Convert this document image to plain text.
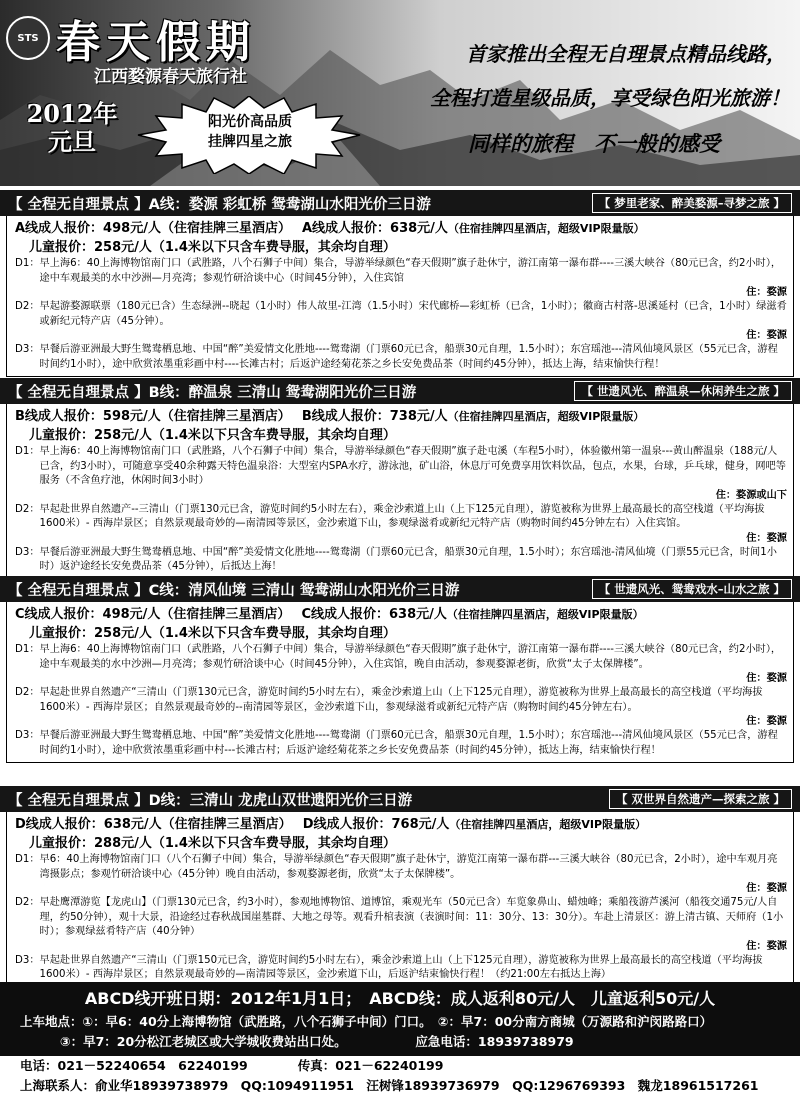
STS 春天假期
江西婺源春天旅行社
2012年
元旦
阳光价高品质
挂牌四星之旅
首家推出全程无自理景点精品线路，
全程打造星级品质，享受绿色阳光旅游！
同样的旅程　不一般的感受
【 全程无自理景点 】A线：婺源 彩虹桥 鸳鸯湖山水阳光价三日游	【 梦里老家、醉美婺源–寻梦之旅 】
A线成人报价：498元/人（住宿挂牌三星酒店）　 A线成人报价：638元/人（住宿挂牌四星酒店，超级VIP限量版）
儿童报价：258元/人（1.4米以下只含车费导服，其余均自理）
D1： 早上海6：40上海博物馆南门口（武胜路，八个石狮子中间）集合，导游举绿颜色“春天假期”旗子赴休宁，游江南第一瀑布群----三溪大峡谷（80元已含，约2小时），途中车观最美的水中沙洲—月亮湾；参观竹研洽谈中心（时间45分钟），入住宾馆
住：婺源
D2： 早起游婺源联票（180元已含）生态绿洲--晓起（1小时）伟人故里-江湾（1.5小时）宋代廊桥—彩虹桥（已含，1小时）；徽商古村落-思溪延村（已含，1小时）绿滋肴或新纪元特产店（45分钟）。
住：婺源
D3： 早餐后游亚洲最大野生鸳鸯栖息地、中国“醉”美爱情文化胜地----鸳鸯湖（门票60元已含，船票30元自理，1.5小时）；东宫瑶池---清风仙境风景区（55元已含，游程时间约1小时），途中欣赏浓墨重彩画中村----长滩古村；后返沪途经菊花茶之乡长安免费品茶（时间约45分钟），抵达上海，结束愉快行程！
【 全程无自理景点 】B线：醉温泉 三清山 鸳鸯湖阳光价三日游	【 世遗风光、醉温泉—休闲养生之旅 】
B线成人报价：598元/人（住宿挂牌三星酒店）　 B线成人报价：738元/人（住宿挂牌四星酒店，超级VIP限量版）
儿童报价：258元/人（1.4米以下只含车费导服，其余均自理）
D1： 早上海6：40上海博物馆南门口（武胜路，八个石狮子中间）集合，导游举绿颜色“春天假期”旗子赴屯溪（车程5小时），体验徽州第一温泉---黄山醉温泉（188元/人已含，约3小时），可随意享受40余种露天特色温泉浴：大型室内SPA水疗，游泳池，矿山浴，休息厅可免费享用饮料饮品，包点，水果，台球，乒乓球，健身，网吧等服务（不含鱼疗池，休闲时间3小时）
住：婺源或山下
D2： 早起赴世界自然遗产--三清山（门票130元已含，游览时间约5小时左右），乘金沙索道上山（上下125元自理），游览被称为世界上最高最长的高空栈道（平均海拔1600米）- 西海岸景区；自然景观最奇妙的—南清园等景区，金沙索道下山，参观绿滋肴或新纪元特产店（购物时间约45分钟左右）入住宾馆。
住：婺源
D3： 早餐后游亚洲最大野生鸳鸯栖息地、中国“醉”美爱情文化胜地----鸳鸯湖（门票60元已含，船票30元自理，1.5小时）；东宫瑶池-清风仙境（门票55元已含，时间1小时）返沪途经长安免费品茶（45分钟），后抵达上海！
【 全程无自理景点 】C线：清风仙境 三清山 鸳鸯湖山水阳光价三日游	【 世遗风光、鸳鸯戏水–山水之旅 】
C线成人报价：498元/人（住宿挂牌三星酒店）　 C线成人报价：638元/人（住宿挂牌四星酒店，超级VIP限量版）
儿童报价：258元/人（1.4米以下只含车费导服，其余均自理）
D1： 早上海6：40上海博物馆南门口（武胜路，八个石狮子中间）集合，导游举绿颜色“春天假期”旗子赴休宁，游江南第一瀑布群----三溪大峡谷（80元已含，约2小时），途中车观最美的水中沙洲—月亮湾；参观竹研洽谈中心（时间45分钟），入住宾馆，晚自由活动，参观婺源老街，欣赏“太子太保牌楼”。
住：婺源
D2： 早起赴世界自然遗产“三清山（门票130元已含，游览时间约5小时左右），乘金沙索道上山（上下125元自理），游览被称为世界上最高最长的高空栈道（平均海拔1600米）- 西海岸景区；自然景观最奇妙的--南清园等景区，金沙索道下山，参观绿滋肴或新纪元特产店（购物时间约45分钟左右）。
住：婺源
D3： 早餐后游亚洲最大野生鸳鸯栖息地、中国“醉”美爱情文化胜地----鸳鸯湖（门票60元已含，船票30元自理，1.5小时）；东宫瑶池---清风仙境风景区（55元已含，游程时间约1小时），途中欣赏浓墨重彩画中村---长滩古村；后返沪途经菊花茶之乡长安免费品茶（时间约45分钟），抵达上海，结束愉快行程！
【 全程无自理景点 】D线：三清山 龙虎山双世遗阳光价三日游	【 双世界自然遗产—探索之旅 】
D线成人报价：638元/人（住宿挂牌三星酒店）　 D线成人报价：768元/人（住宿挂牌四星酒店，超级VIP限量版）
儿童报价：288元/人（1.4米以下只含车费导服，其余均自理）
D1： 早6：40上海博物馆南门口（八个石狮子中间）集合，导游举绿颜色“春天假期”旗子赴休宁，游览江南第一瀑布群---三溪大峡谷（80元已含，2小时），途中车观月亮湾摄影点；参观竹研洽谈中心（45分钟）晚自由活动，参观婺源老街，欣赏“太子太保牌楼”。
住：婺源
D2： 早赴鹰潭游览【龙虎山】（门票130元已含，约3小时），参观地博物馆、道博馆，乘观光车（50元已含）车览象鼻山、蜡烛峰；乘船筏游芦溪河（船筏交通75元/人自理，约50分钟），观十大景，沿途经过春秋战国崖墓群、大地之母等。观看升棺表演（表演时间：11：30分、13：30分）。车赴上清景区：游上清古镇、天师府（1小时）；参观绿兹肴特产店（40分钟）
住：婺源
D3： 早起赴世界自然遗产“三清山（门票150元已含，游览时间约5小时左右），乘金沙索道上山（上下125元自理），游览被称为世界上最高最长的高空栈道（平均海拔1600米）- 西海岸景区；自然景观最奇妙的—南清园等景区，金沙索道下山，后返沪结束愉快行程！（约21:00左右抵达上海）
ABCD线开班日期：2012年1月1日；　ABCD线：成人返利80元/人　儿童返利50元/人
上车地点：①：早6：40分上海博物馆（武胜路，八个石狮子中间）门口。　②：早7：00分南方商城（万源路和沪闵路路口）
③：早7：20分松江老城区或大学城收费站出口处。　　　　　　应急电话：18939738979
电话：021－52240654　62240199　　　　传真：021－62240199
上海联系人：俞业华18939738979　QQ:1094911951　汪树锋18939736979　QQ:1296769393　魏龙18961517261
